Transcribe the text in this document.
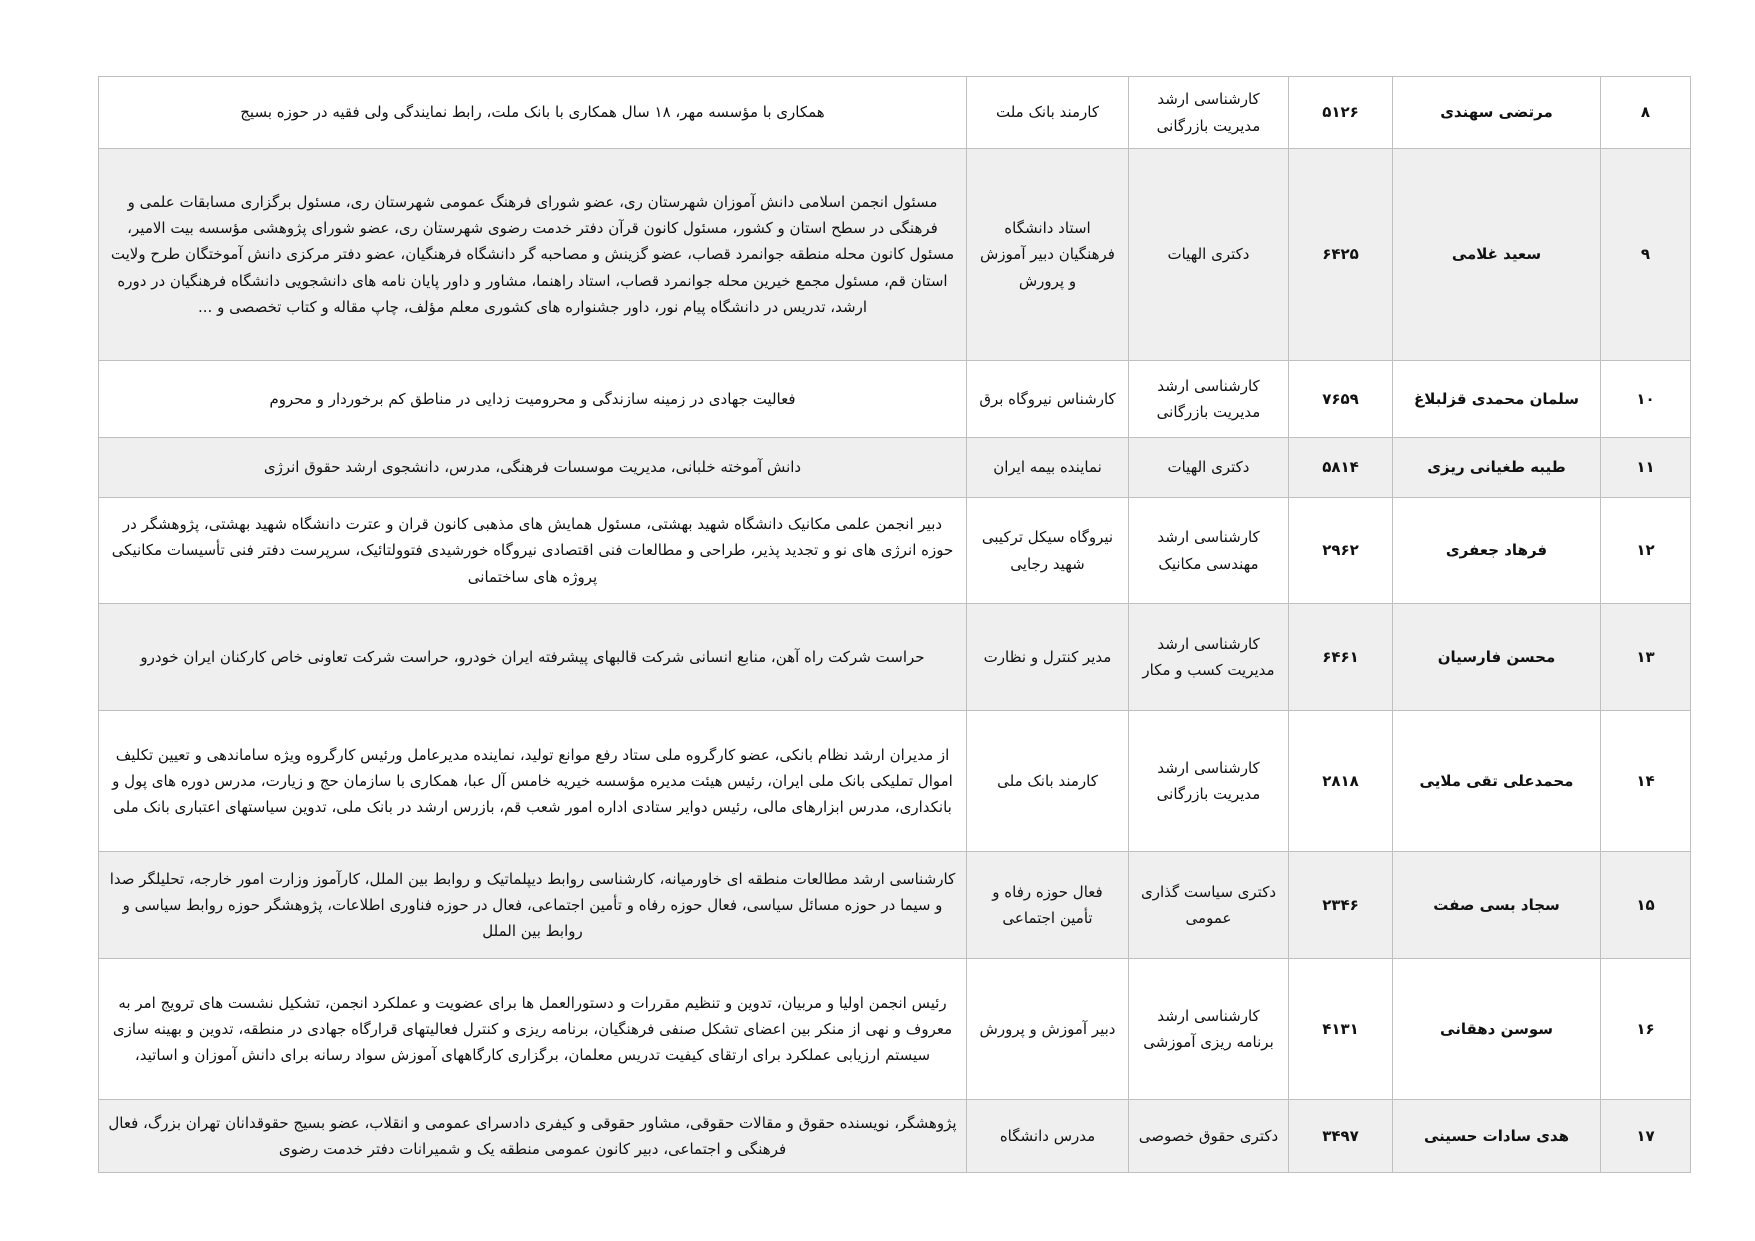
۸	مرتضی سهندی	۵۱۲۶	کارشناسی ارشد مدیریت بازرگانی	کارمند بانک ملت	همکاری با مؤسسه مهر، ۱۸ سال همکاری با بانک ملت، رابط نمایندگی ولی فقیه در حوزه بسیج
۹	سعید غلامی	۶۴۲۵	دکتری الهیات	استاد دانشگاه فرهنگیان دبیر آموزش و پرورش	مسئول انجمن اسلامی دانش آموزان شهرستان ری، عضو شورای فرهنگ عمومی شهرستان ری، مسئول برگزاری مسابقات علمی و فرهنگی در سطح استان و کشور، مسئول کانون قرآن دفتر خدمت رضوی شهرستان ری، عضو شورای پژوهشی مؤسسه بیت الامیر، مسئول کانون محله منطقه جوانمرد قصاب، عضو گزینش و مصاحبه گر دانشگاه فرهنگیان، عضو دفتر مرکزی دانش آموختگان طرح ولایت استان قم، مسئول مجمع خیرین محله جوانمرد قصاب، استاد راهنما، مشاور و داور پایان نامه های دانشجویی دانشگاه فرهنگیان در دوره ارشد، تدریس در دانشگاه پیام نور، داور جشنواره های کشوری معلم مؤلف، چاپ مقاله و کتاب تخصصی و ...
۱۰	سلمان محمدی قزلبلاغ	۷۶۵۹	کارشناسی ارشد مدیریت بازرگانی	کارشناس نیروگاه برق	فعالیت جهادی در زمینه سازندگی و محرومیت زدایی در مناطق کم برخوردار و محروم
۱۱	طیبه طغیانی ریزی	۵۸۱۴	دکتری الهیات	نماینده بیمه ایران	دانش آموخته خلبانی، مدیریت موسسات فرهنگی، مدرس، دانشجوی ارشد حقوق انرژی
۱۲	فرهاد جعفری	۲۹۶۲	کارشناسی ارشد مهندسی مکانیک	نیروگاه سیکل ترکیبی شهید رجایی	دبیر انجمن علمی مکانیک دانشگاه شهید بهشتی، مسئول همایش های مذهبی کانون قران و عترت دانشگاه شهید بهشتی، پژوهشگر در حوزه انرژی های نو و تجدید پذیر، طراحی و مطالعات فنی اقتصادی نیروگاه خورشیدی فتوولتائیک، سرپرست دفتر فنی تأسیسات مکانیکی پروژه های ساختمانی
۱۳	محسن فارسیان	۶۴۶۱	کارشناسی ارشد مدیریت کسب و مکار	مدیر کنترل و نظارت	حراست شرکت راه آهن، منابع انسانی شرکت قالبهای پیشرفته ایران خودرو، حراست شرکت تعاونی خاص کارکنان ایران خودرو
۱۴	محمدعلی تقی ملایی	۲۸۱۸	کارشناسی ارشد مدیریت بازرگانی	کارمند بانک ملی	از مدیران ارشد نظام بانکی، عضو کارگروه ملی ستاد رفع موانع تولید، نماینده مدیرعامل ورئیس کارگروه ویژه ساماندهی و تعیین تکلیف اموال تملیکی بانک ملی ایران، رئیس هیئت مدیره مؤسسه خیریه خامس آل عبا، همکاری با سازمان حج و زیارت، مدرس دوره های پول و بانکداری، مدرس ابزارهای مالی، رئیس دوایر ستادی اداره امور شعب قم، بازرس ارشد در بانک ملی، تدوین سیاستهای اعتباری بانک ملی
۱۵	سجاد بسی صفت	۲۳۴۶	دکتری سیاست گذاری عمومی	فعال حوزه رفاه و تأمین اجتماعی	کارشناسی ارشد مطالعات منطقه ای خاورمیانه، کارشناسی روابط دیپلماتیک و روابط بین الملل، کارآموز وزارت امور خارجه، تحلیلگر صدا و سیما در حوزه مسائل سیاسی، فعال حوزه رفاه و تأمین اجتماعی، فعال در حوزه فناوری اطلاعات، پژوهشگر حوزه روابط سیاسی و روابط بین الملل
۱۶	سوسن دهقانی	۴۱۳۱	کارشناسی ارشد برنامه ریزی آموزشی	دبیر آموزش و پرورش	رئیس انجمن اولیا و مربیان، تدوین و تنظیم مقررات و دستورالعمل ها برای عضویت و عملکرد انجمن، تشکیل نشست های ترویج امر به معروف و نهی از منکر بین اعضای تشکل صنفی فرهنگیان، برنامه ریزی و کنترل فعالیتهای قرارگاه جهادی در منطقه، تدوین و بهینه سازی سیستم ارزیابی عملکرد برای ارتقای کیفیت تدریس معلمان، برگزاری کارگاههای آموزش سواد رسانه برای دانش آموزان و اساتید،
۱۷	هدی سادات حسینی	۳۴۹۷	دکتری حقوق خصوصی	مدرس دانشگاه	پژوهشگر، نویسنده حقوق و مقالات حقوقی، مشاور حقوقی و کیفری دادسرای عمومی و انقلاب، عضو بسیج حقوقدانان تهران بزرگ، فعال فرهنگی و اجتماعی، دبیر کانون عمومی منطقه یک و شمیرانات دفتر خدمت رضوی
